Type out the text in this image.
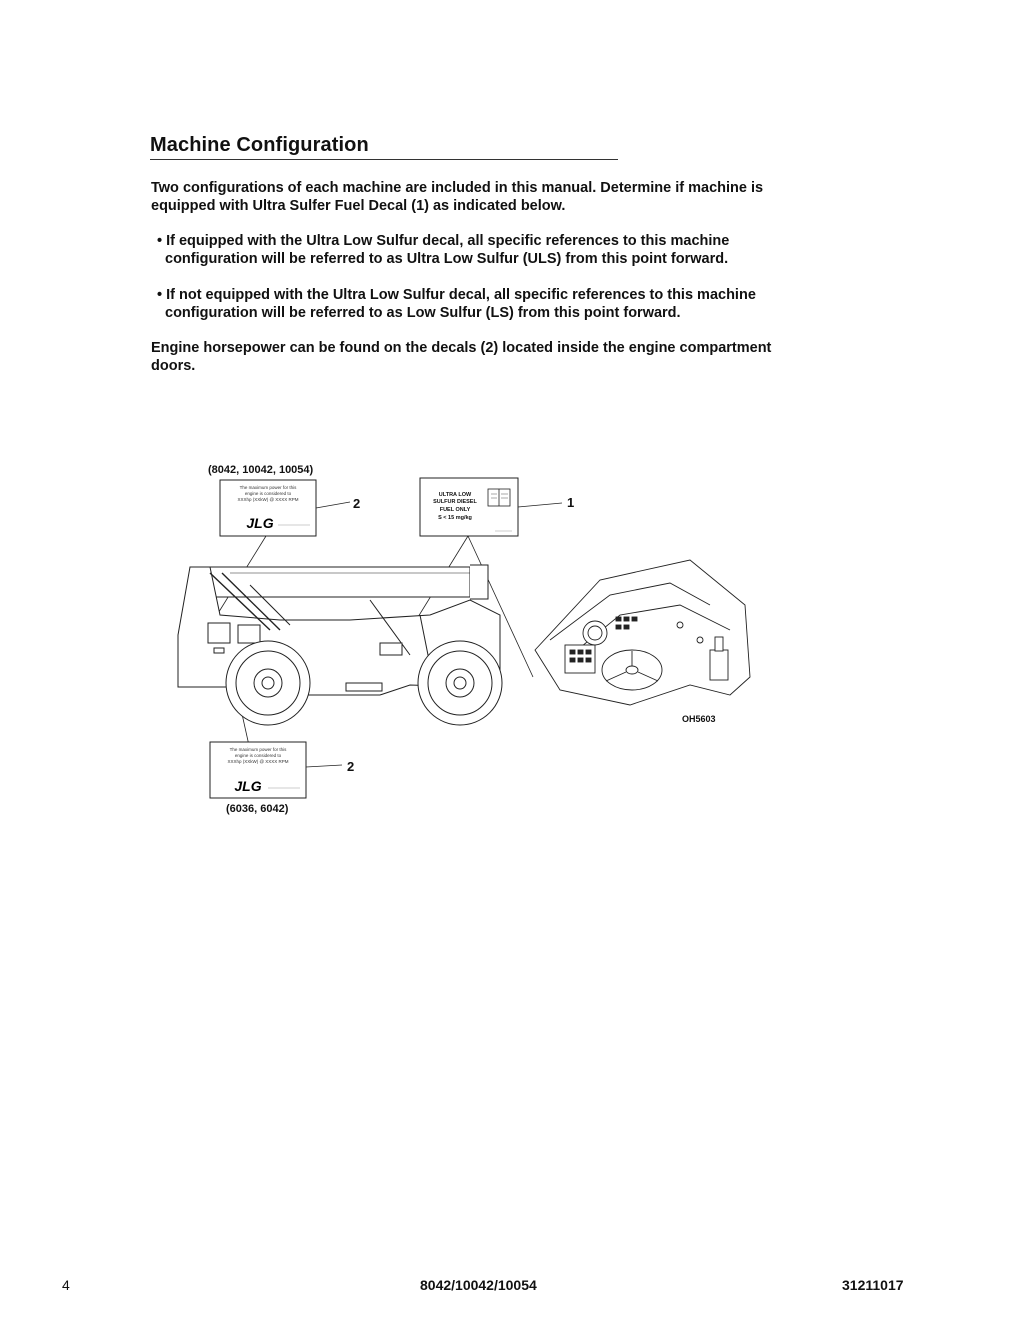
Machine Configuration

Two configurations of each machine are included in this manual. Determine if machine is equipped with Ultra Sulfer Fuel Decal (1) as indicated below.

• If equipped with the Ultra Low Sulfur decal, all specific references to this machine configuration will be referred to as Ultra Low Sulfur (ULS) from this point forward.

• If not equipped with the Ultra Low Sulfur decal, all specific references to this machine configuration will be referred to as Low Sulfur (LS) from this point forward.

Engine horsepower can be found on the decals (2) located inside the engine compartment doors.

(8042, 10042, 10054)
The maximum power for this
engine is considered to
XXXhp (XXkW) @ XXXX RPM
JLG
2
ULTRA LOW
SULFUR DIESEL
FUEL ONLY
S < 15 mg/kg
1
OH5603
The maximum power for this
engine is considered to
XXXhp (XXkW) @ XXXX RPM
JLG
2
(6036, 6042)
4	8042/10042/10054	31211017
